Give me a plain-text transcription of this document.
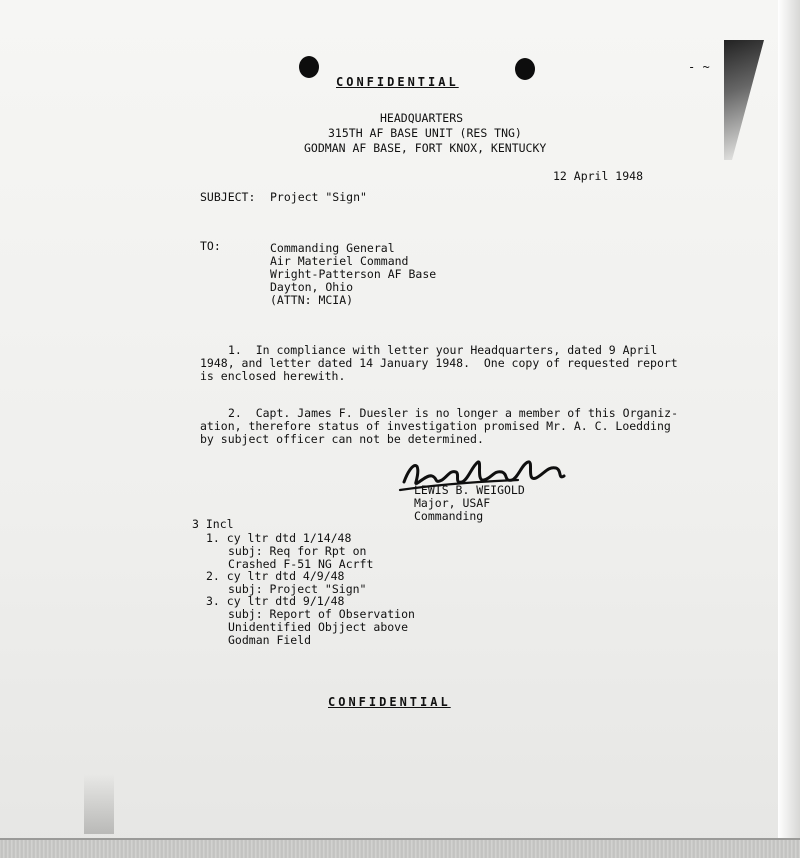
‐ ~
CONFIDENTIAL
HEADQUARTERS
315TH AF BASE UNIT (RES TNG)
GODMAN AF BASE, FORT KNOX, KENTUCKY
12 April 1948
SUBJECT: Project "Sign"
TO:	Commanding General
Air Materiel Command
Wright-Patterson AF Base
Dayton, Ohio
(ATTN: MCIA)
1.  In compliance with letter your Headquarters, dated 9 April
1948, and letter dated 14 January 1948.  One copy of requested report
is enclosed herewith.
2.  Capt. James F. Duesler is no longer a member of this Organiz-
ation, therefore status of investigation promised Mr. A. C. Loedding
by subject officer can not be determined.
LEWIS B. WEIGOLD
Major, USAF
Commanding
3 Incl
1. cy ltr dtd 1/14/48
subj: Req for Rpt on
Crashed F-51 NG Acrft
2. cy ltr dtd 4/9/48
subj: Project "Sign"
3. cy ltr dtd 9/1/48
subj: Report of Observation
Unidentified Objject above
Godman Field
CONFIDENTIAL
